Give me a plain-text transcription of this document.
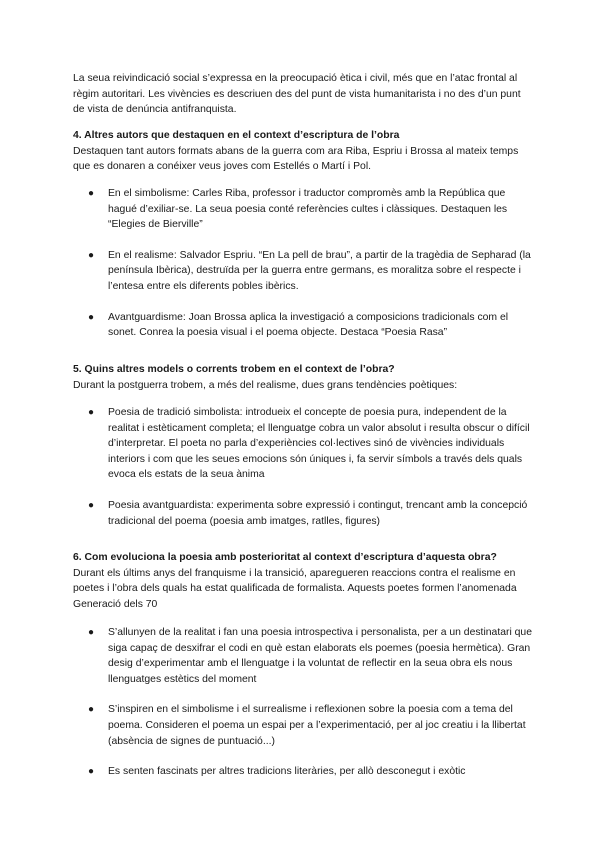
La seua reivindicació social s’expressa en la preocupació ètica i civil, més que en l’atac frontal al règim autoritari. Les vivències es descriuen des del punt de vista humanitarista i no des d’un punt de vista de denúncia antifranquista.

4. Altres autors que destaquen en el context d’escriptura de l’obra

Destaquen tant autors formats abans de la guerra com ara Riba, Espriu i Brossa al mateix temps que es donaren a conéixer veus joves com Estellés o Martí i Pol.

●	En el simbolisme: Carles Riba, professor i traductor compromès amb la República que hagué d’exiliar-se. La seua poesia conté referències cultes i clàssiques. Destaquen les “Elegies de Bierville”
●	En el realisme: Salvador Espriu. “En La pell de brau”, a partir de la tragèdia de Sepharad (la península Ibèrica), destruïda per la guerra entre germans, es moralitza sobre el respecte i l’entesa entre els diferents pobles ibèrics.
●	Avantguardisme: Joan Brossa aplica la investigació a composicions tradicionals com el sonet. Conrea la poesia visual i el poema objecte. Destaca “Poesia Rasa”

5. Quins altres models o corrents trobem en el context de l’obra?

Durant la postguerra trobem, a més del realisme, dues grans tendències poètiques:

●	Poesia de tradició simbolista: introdueix el concepte de poesia pura, independent de la realitat i estèticament completa; el llenguatge cobra un valor absolut i resulta obscur o difícil d’interpretar. El poeta no parla d’experiències col·lectives sinó de vivències individuals interiors i com que les seues emocions són úniques i, fa servir símbols a través dels quals evoca els estats de la seua ànima
●	Poesia avantguardista: experimenta sobre expressió i contingut, trencant amb la concepció tradicional del poema (poesia amb imatges, ratlles, figures)

6. Com evoluciona la poesia amb posterioritat al context d’escriptura d’aquesta obra?

Durant els últims anys del franquisme i la transició, aparegueren reaccions contra el realisme en poetes i l’obra dels quals ha estat qualificada de formalista. Aquests poetes formen l’anomenada Generació dels 70

●	S’allunyen de la realitat i fan una poesia introspectiva i personalista, per a un destinatari que siga capaç de desxifrar el codi en què estan elaborats els poemes (poesia hermètica). Gran desig d’experimentar amb el llenguatge i la voluntat de reflectir en la seua obra els nous llenguatges estètics del moment
●	S’inspiren en el simbolisme i el surrealisme i reflexionen sobre la poesia com a tema del poema. Consideren el poema un espai per a l’experimentació, per al joc creatiu i la llibertat (absència de signes de puntuació...)
●	Es senten fascinats per altres tradicions literàries, per allò desconegut i exòtic
